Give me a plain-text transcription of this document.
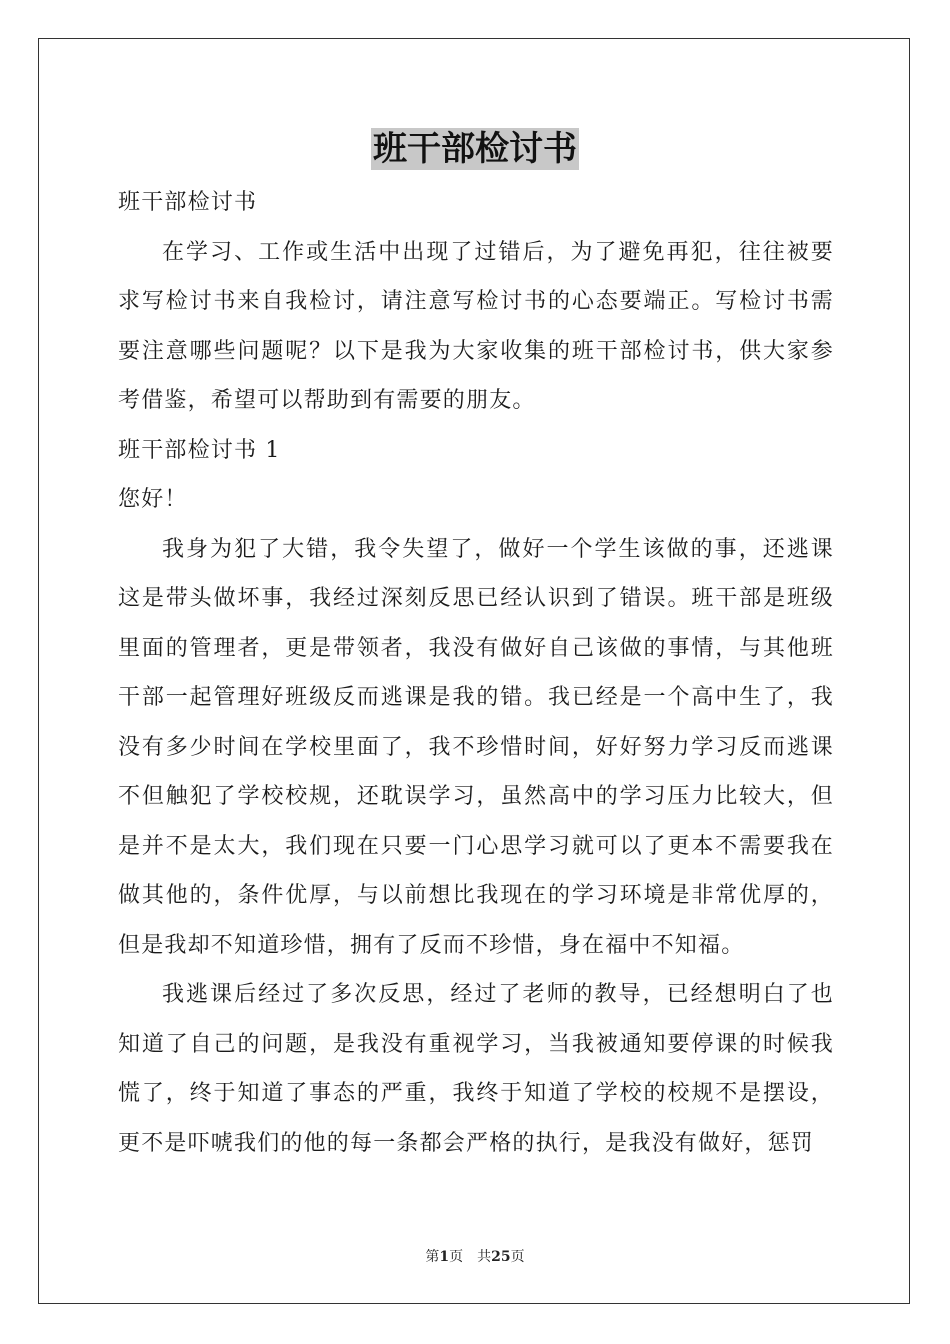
班干部检讨书

班干部检讨书

在学习、工作或生活中出现了过错后，为了避免再犯，往往被要求写检讨书来自我检讨，请注意写检讨书的心态要端正。写检讨书需要注意哪些问题呢？以下是我为大家收集的班干部检讨书，供大家参考借鉴，希望可以帮助到有需要的朋友。

班干部检讨书 1

您好！

我身为犯了大错，我令失望了，做好一个学生该做的事，还逃课这是带头做坏事，我经过深刻反思已经认识到了错误。班干部是班级里面的管理者，更是带领者，我没有做好自己该做的事情，与其他班干部一起管理好班级反而逃课是我的错。我已经是一个高中生了，我没有多少时间在学校里面了，我不珍惜时间，好好努力学习反而逃课不但触犯了学校校规，还耽误学习，虽然高中的学习压力比较大，但是并不是太大，我们现在只要一门心思学习就可以了更本不需要我在做其他的，条件优厚，与以前想比我现在的学习环境是非常优厚的，但是我却不知道珍惜，拥有了反而不珍惜，身在福中不知福。

我逃课后经过了多次反思，经过了老师的教导，已经想明白了也知道了自己的问题，是我没有重视学习，当我被通知要停课的时候我慌了，终于知道了事态的严重，我终于知道了学校的校规不是摆设，更不是吓唬我们的他的每一条都会严格的执行，是我没有做好，惩罚

第1页　共25页
